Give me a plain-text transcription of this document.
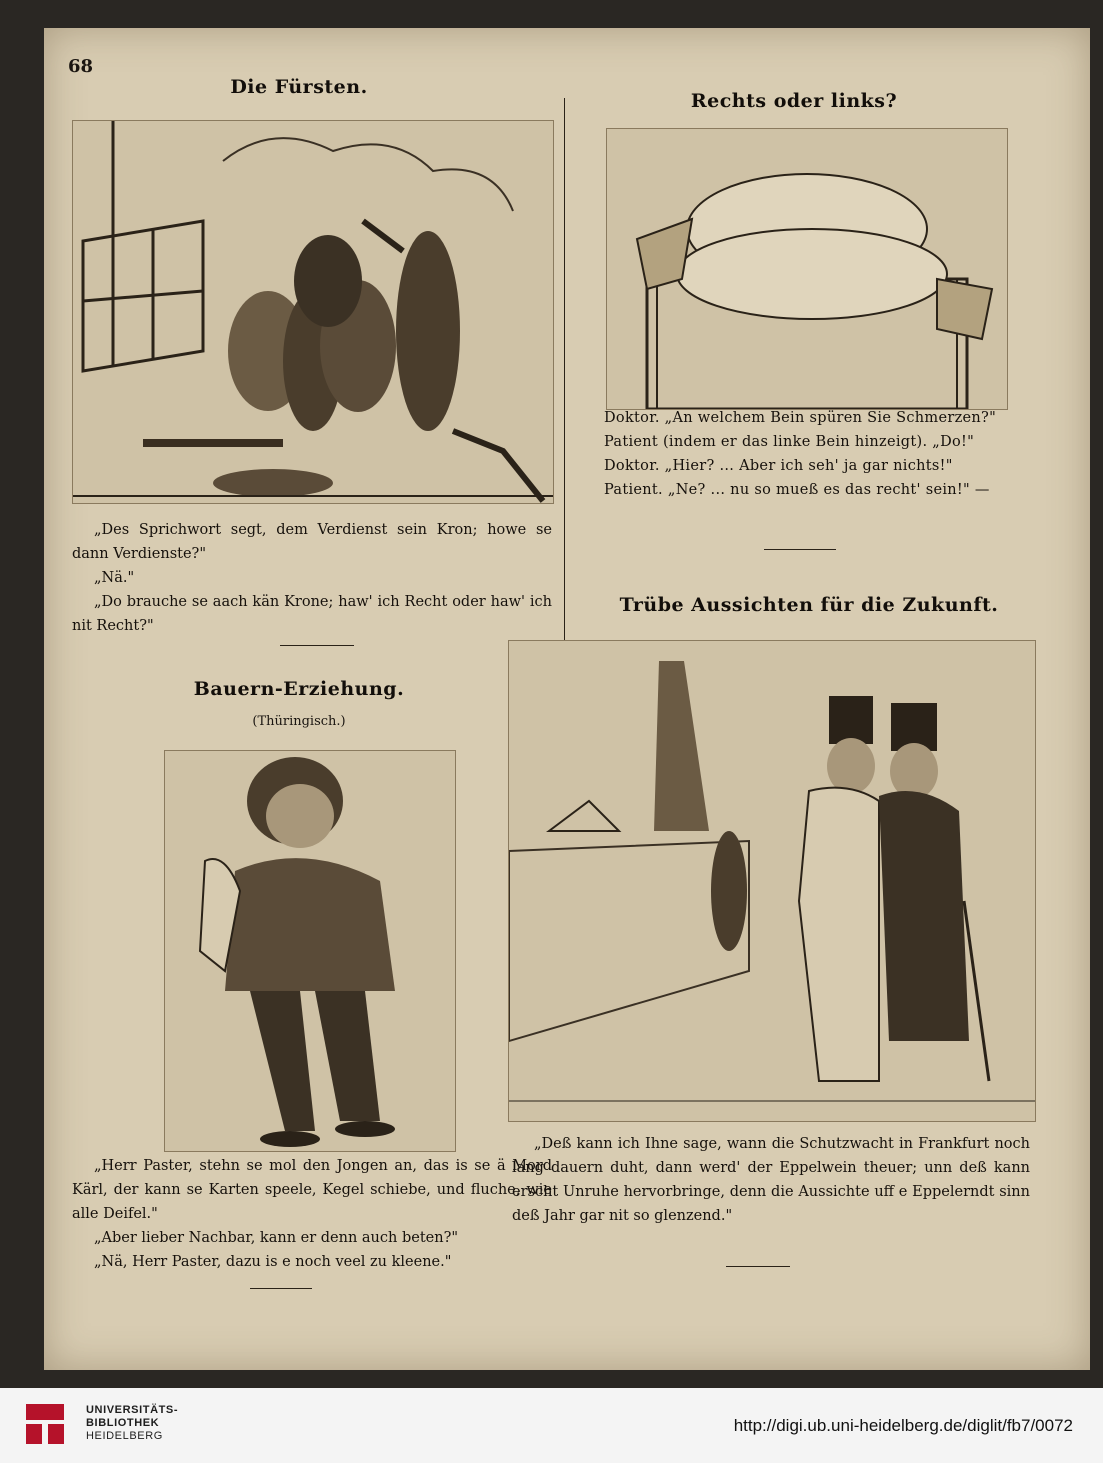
68
Die Fürsten.

„Des Sprichwort segt, dem Verdienst sein Kron; howe se dann Verdienste?"

„Nä."

„Do brauche se aach kän Krone; haw' ich Recht oder haw' ich nit Recht?"

Bauern-Erziehung.
(Thüringisch.)

„Herr Paster, stehn se mol den Jongen an, das is se ä Mord Kärl, der kann se Karten speele, Kegel schiebe, und fluche, wie alle Deifel."

„Aber lieber Nachbar, kann er denn auch beten?"

„Nä, Herr Paster, dazu is e noch veel zu kleene."

Rechts oder links?

Doktor. „An welchem Bein spüren Sie Schmerzen?"

Patient (indem er das linke Bein hinzeigt). „Do!"

Doktor. „Hier? ... Aber ich seh' ja gar nichts!"

Patient. „Ne? ... nu so mueß es das recht' sein!" —

Trübe Aussichten für die Zukunft.

„Deß kann ich Ihne sage, wann die Schutzwacht in Frankfurt noch lang dauern duht, dann werd' der Eppelwein theuer; unn deß kann erscht Unruhe hervorbringe, denn die Aussichte uff e Eppelerndt sinn deß Jahr gar nit so glenzend."

UNIVERSITÄTS-
BIBLIOTHEK
HEIDELBERG
http://digi.ub.uni-heidelberg.de/diglit/fb7/0072
